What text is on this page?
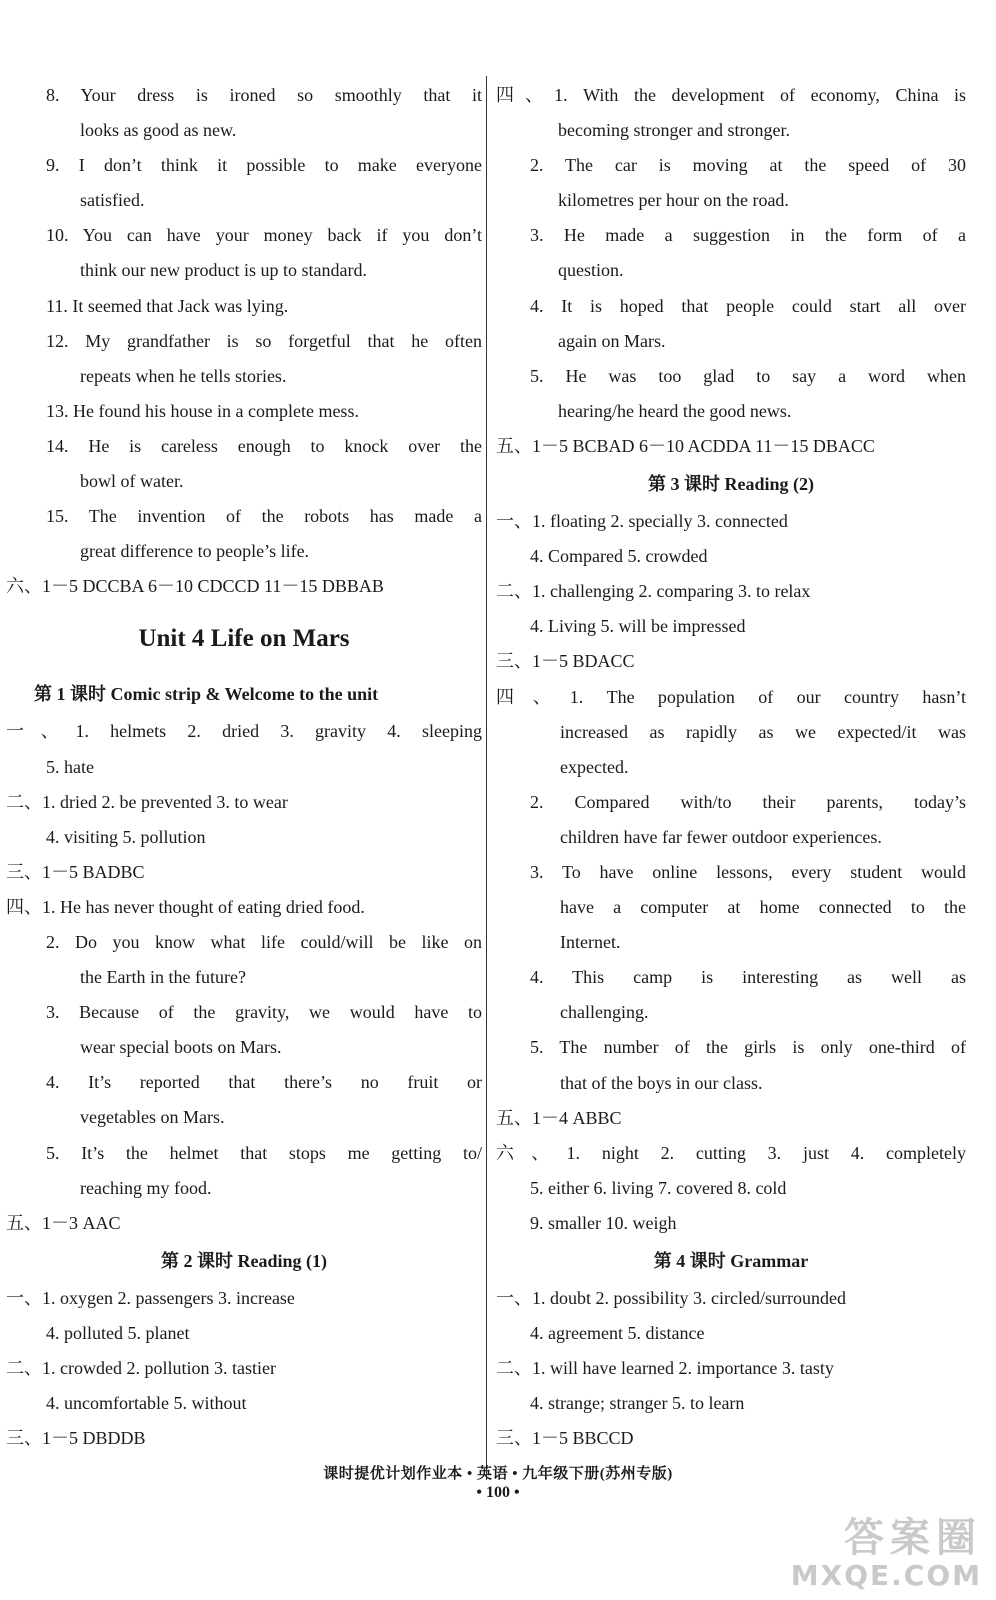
8. Your dress is ironed so smoothly that it
looks as good as new.
9. I don’t think it possible to make everyone
satisfied.
10. You can have your money back if you don’t
think our new product is up to standard.
11. It seemed that Jack was lying.
12. My grandfather is so forgetful that he often
repeats when he tells stories.
13. He found his house in a complete mess.
14. He is careless enough to knock over the
bowl of water.
15. The invention of the robots has made a
great difference to people’s life.
六、1－5 DCCBA 6－10 CDCCD 11－15 DBBAB
Unit 4 Life on Mars
第 1 课时 Comic strip & Welcome to the unit
一、1. helmets 2. dried 3. gravity 4. sleeping
5. hate
二、1. dried 2. be prevented 3. to wear
4. visiting 5. pollution
三、1－5 BADBC
四、1. He has never thought of eating dried food.
2. Do you know what life could/will be like on
the Earth in the future?
3. Because of the gravity, we would have to
wear special boots on Mars.
4. It’s reported that there’s no fruit or
vegetables on Mars.
5. It’s the helmet that stops me getting to/
reaching my food.
五、1－3 AAC
第 2 课时 Reading (1)
一、1. oxygen 2. passengers 3. increase
4. polluted 5. planet
二、1. crowded 2. pollution 3. tastier
4. uncomfortable 5. without
三、1－5 DBDDB
四、1. With the development of economy, China is
becoming stronger and stronger.
2. The car is moving at the speed of 30
kilometres per hour on the road.
3. He made a suggestion in the form of a
question.
4. It is hoped that people could start all over
again on Mars.
5. He was too glad to say a word when
hearing/he heard the good news.
五、1－5 BCBAD 6－10 ACDDA 11－15 DBACC
第 3 课时 Reading (2)
一、1. floating 2. specially 3. connected
4. Compared 5. crowded
二、1. challenging 2. comparing 3. to relax
4. Living 5. will be impressed
三、1－5 BDACC
四、1. The population of our country hasn’t
increased as rapidly as we expected/it was
expected.
2. Compared with/to their parents, today’s
children have far fewer outdoor experiences.
3. To have online lessons, every student would
have a computer at home connected to the
Internet.
4. This camp is interesting as well as
challenging.
5. The number of the girls is only one-third of
that of the boys in our class.
五、1－4 ABBC
六、1. night 2. cutting 3. just 4. completely
5. either 6. living 7. covered 8. cold
9. smaller 10. weigh
第 4 课时 Grammar
一、1. doubt 2. possibility 3. circled/surrounded
4. agreement 5. distance
二、1. will have learned 2. importance 3. tasty
4. strange; stranger 5. to learn
三、1－5 BBCCD
课时提优计划作业本 • 英语 • 九年级下册(苏州专版)
• 100 •
答案圈
MXQE.COM
